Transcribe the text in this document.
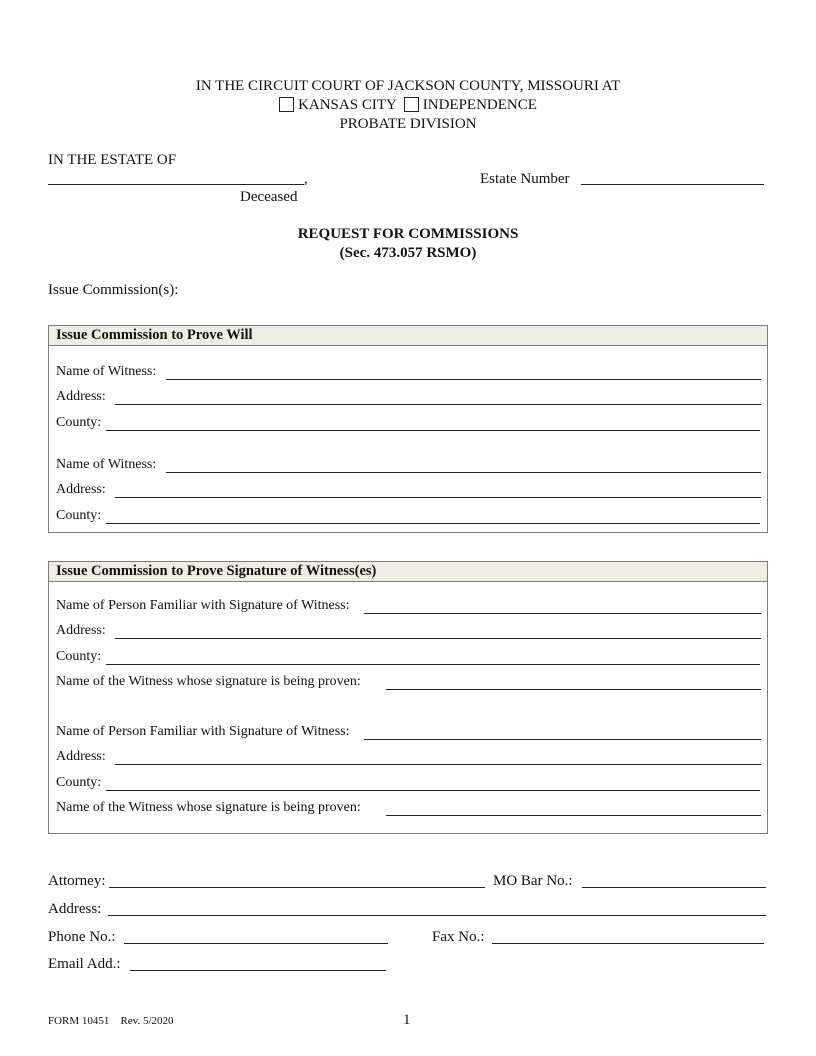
IN THE CIRCUIT COURT OF JACKSON COUNTY, MISSOURI AT
KANSAS CITY INDEPENDENCE
PROBATE DIVISION
IN THE ESTATE OF
,
Deceased
Estate Number
REQUEST FOR COMMISSIONS
(Sec. 473.057 RSMO)
Issue Commission(s):
Issue Commission to Prove Will
Name of Witness:
Address:
County:
Name of Witness:
Address:
County:
Issue Commission to Prove Signature of Witness(es)
Name of Person Familiar with Signature of Witness:
Address:
County:
Name of the Witness whose signature is being proven:
Name of Person Familiar with Signature of Witness:
Address:
County:
Name of the Witness whose signature is being proven:
Attorney:	MO Bar No.:
Address:
Phone No.:	Fax No.:
Email Add.:
FORM 10451 Rev. 5/2020	1
